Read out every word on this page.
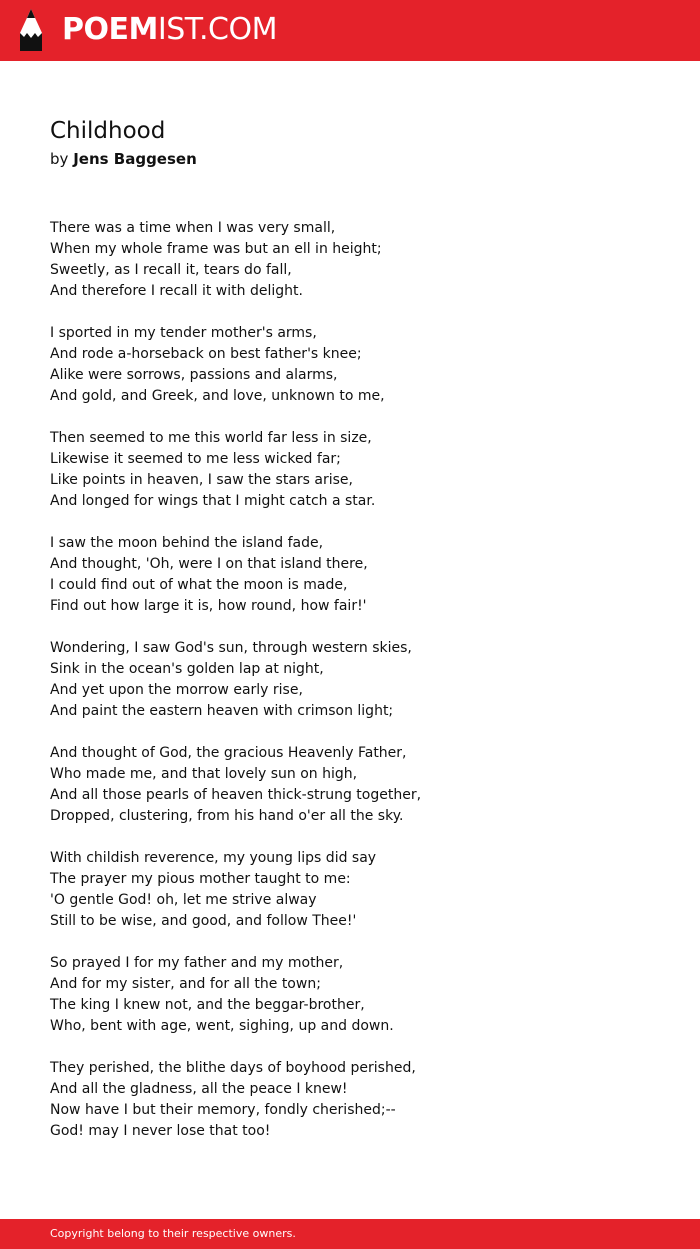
POEMIST.COM
Childhood
by Jens Baggesen
There was a time when I was very small,
When my whole frame was but an ell in height;
Sweetly, as I recall it, tears do fall,
And therefore I recall it with delight.
I sported in my tender mother's arms,
And rode a-horseback on best father's knee;
Alike were sorrows, passions and alarms,
And gold, and Greek, and love, unknown to me,
Then seemed to me this world far less in size,
Likewise it seemed to me less wicked far;
Like points in heaven, I saw the stars arise,
And longed for wings that I might catch a star.
I saw the moon behind the island fade,
And thought, 'Oh, were I on that island there,
I could find out of what the moon is made,
Find out how large it is, how round, how fair!'
Wondering, I saw God's sun, through western skies,
Sink in the ocean's golden lap at night,
And yet upon the morrow early rise,
And paint the eastern heaven with crimson light;
And thought of God, the gracious Heavenly Father,
Who made me, and that lovely sun on high,
And all those pearls of heaven thick-strung together,
Dropped, clustering, from his hand o'er all the sky.
With childish reverence, my young lips did say
The prayer my pious mother taught to me:
'O gentle God! oh, let me strive alway
Still to be wise, and good, and follow Thee!'
So prayed I for my father and my mother,
And for my sister, and for all the town;
The king I knew not, and the beggar-brother,
Who, bent with age, went, sighing, up and down.
They perished, the blithe days of boyhood perished,
And all the gladness, all the peace I knew!
Now have I but their memory, fondly cherished;--
God! may I never lose that too!
Copyright belong to their respective owners.
